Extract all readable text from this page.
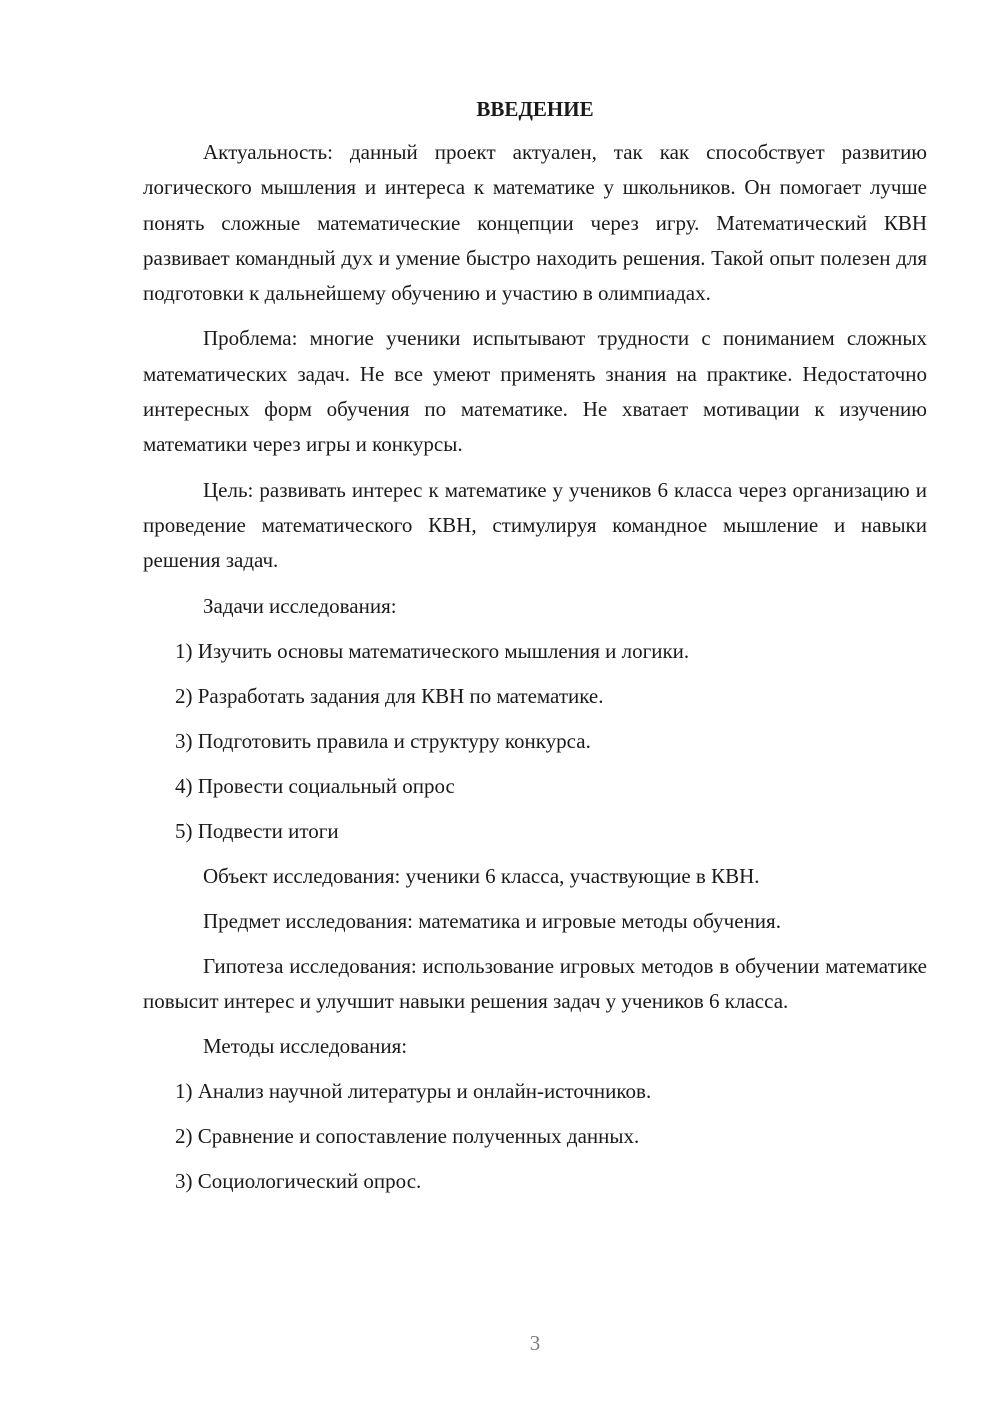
ВВЕДЕНИЕ

Актуальность: данный проект актуален, так как способствует развитию логического мышления и интереса к математике у школьников. Он помогает лучше понять сложные математические концепции через игру. Математический КВН развивает командный дух и умение быстро находить решения. Такой опыт полезен для подготовки к дальнейшему обучению и участию в олимпиадах.

Проблема: многие ученики испытывают трудности с пониманием сложных математических задач. Не все умеют применять знания на практике. Недостаточно интересных форм обучения по математике. Не хватает мотивации к изучению математики через игры и конкурсы.

Цель: развивать интерес к математике у учеников 6 класса через организацию и проведение математического КВН, стимулируя командное мышление и навыки решения задач.

Задачи исследования:
1) Изучить основы математического мышления и логики.
2) Разработать задания для КВН по математике.
3) Подготовить правила и структуру конкурса.
4) Провести социальный опрос
5) Подвести итоги
Объект исследования: ученики 6 класса, участвующие в КВН.
Предмет исследования: математика и игровые методы обучения.

Гипотеза исследования: использование игровых методов в обучении математике повысит интерес и улучшит навыки решения задач у учеников 6 класса.

Методы исследования:
1) Анализ научной литературы и онлайн-источников.
2) Сравнение и сопоставление полученных данных.
3) Социологический опрос.
3
